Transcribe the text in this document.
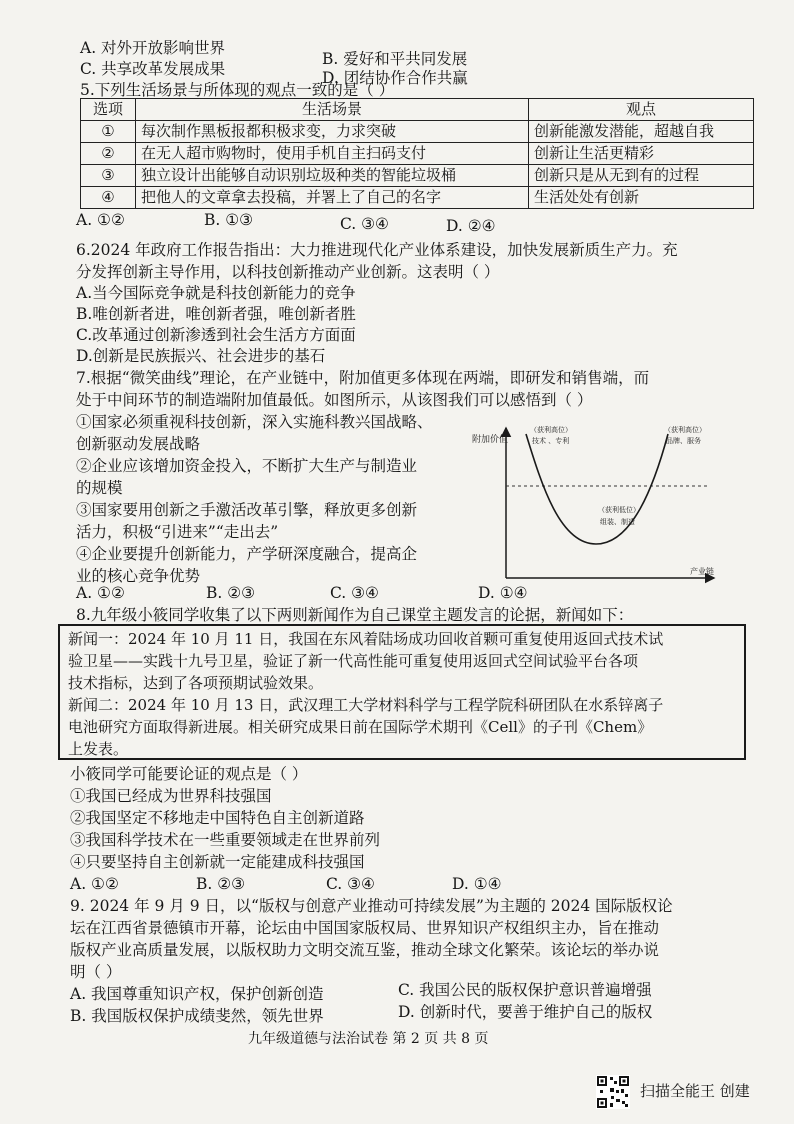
A. 对外开放影响世界
B. 爱好和平共同发展
C. 共享改革发展成果	D. 团结协作合作共赢
5.下列生活场景与所体现的观点一致的是（ ）
选项	生活场景	观点
①	每次制作黑板报都积极求变，力求突破	创新能激发潜能，超越自我
②	在无人超市购物时，使用手机自主扫码支付	创新让生活更精彩
③	独立设计出能够自动识别垃圾种类的智能垃圾桶	创新只是从无到有的过程
④	把他人的文章拿去投稿，并署上了自己的名字	生活处处有创新
A. ①②	B. ①③	C. ③④	D. ②④
6.2024 年政府工作报告指出：大力推进现代化产业体系建设，加快发展新质生产力。充
分发挥创新主导作用，以科技创新推动产业创新。这表明（ ）
A.当今国际竞争就是科技创新能力的竞争
B.唯创新者进，唯创新者强，唯创新者胜
C.改革通过创新渗透到社会生活方方面面
D.创新是民族振兴、社会进步的基石
7.根据“微笑曲线”理论，在产业链中，附加值更多体现在两端，即研发和销售端，而
处于中间环节的制造端附加值最低。如图所示，从该图我们可以感悟到（ ）
①国家必须重视科技创新，深入实施科教兴国战略、
创新驱动发展战略
②企业应该增加资金投入，不断扩大生产与制造业
的规模
③国家要用创新之手激活改革引擎，释放更多创新
活力，积极“引进来”“走出去”
④企业要提升创新能力，产学研深度融合，提高企
业的核心竞争优势
附加价值
产业链
（获利高位）
技术 、专利
（获利高位）
品牌、服务
（获利低位）
组装、制造
A. ①②	B. ②③	C. ③④	D. ①④
8.九年级小筱同学收集了以下两则新闻作为自己课堂主题发言的论据，新闻如下：
新闻一：2024 年 10 月 11 日，我国在东风着陆场成功回收首颗可重复使用返回式技术试
验卫星——实践十九号卫星，验证了新一代高性能可重复使用返回式空间试验平台各项
技术指标，达到了各项预期试验效果。
新闻二：2024 年 10 月 13 日，武汉理工大学材料科学与工程学院科研团队在水系锌离子
电池研究方面取得新进展。相关研究成果日前在国际学术期刊《Cell》的子刊《Chem》
上发表。
小筱同学可能要论证的观点是（ ）
①我国已经成为世界科技强国
②我国坚定不移地走中国特色自主创新道路
③我国科学技术在一些重要领域走在世界前列
④只要坚持自主创新就一定能建成科技强国
A. ①②	B. ②③	C. ③④	D. ①④
9. 2024 年 9 月 9 日，以“版权与创意产业推动可持续发展”为主题的 2024 国际版权论
坛在江西省景德镇市开幕，论坛由中国国家版权局、世界知识产权组织主办，旨在推动
版权产业高质量发展，以版权助力文明交流互鉴，推动全球文化繁荣。该论坛的举办说
明（ ）
A. 我国尊重知识产权，保护创新创造
B. 我国版权保护成绩斐然，领先世界
C. 我国公民的版权保护意识普遍增强
D. 创新时代，要善于维护自己的版权
九年级道德与法治试卷 第 2 页 共 8 页
扫描全能王 创建
